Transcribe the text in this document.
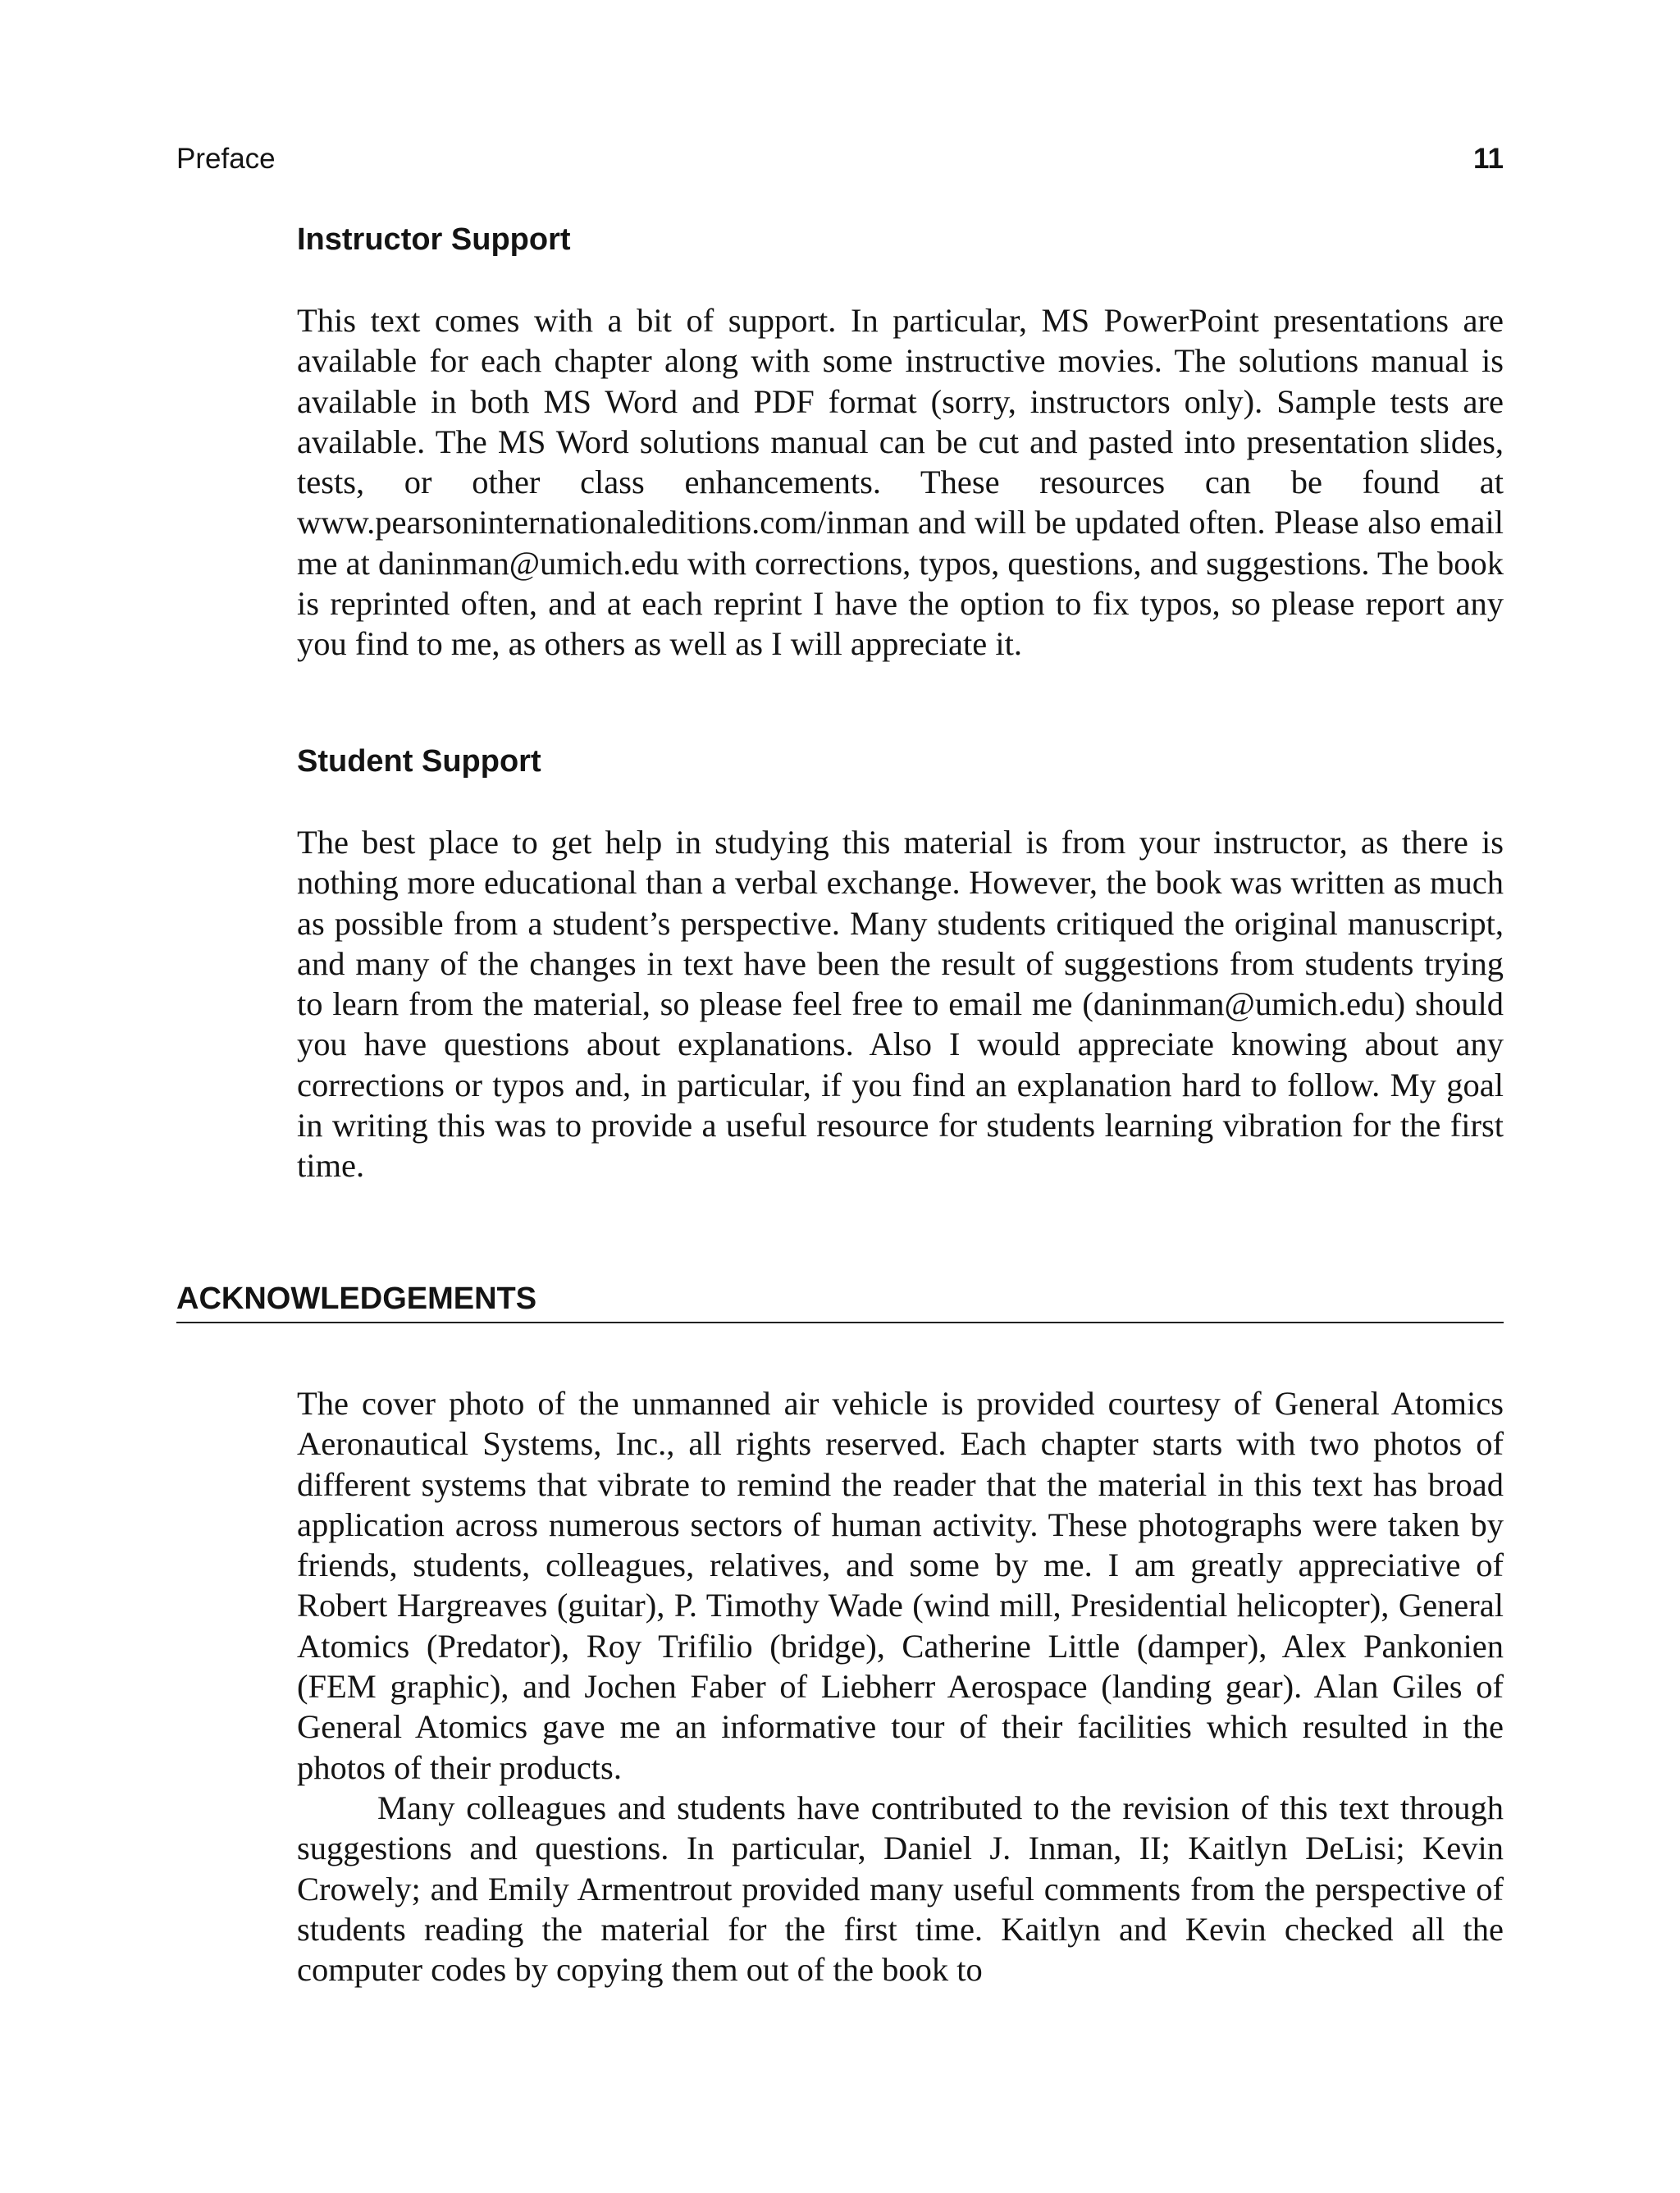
Preface	11
Instructor Support

This text comes with a bit of support. In particular, MS PowerPoint presentations are available for each chapter along with some instructive movies. The solutions manual is available in both MS Word and PDF format (sorry, instructors only). Sample tests are available. The MS Word solutions manual can be cut and pasted into presentation slides, tests, or other class enhancements. These resources can be found at www.pearsoninternationaleditions.com/inman and will be updated often. Please also email me at daninman@umich.edu with corrections, typos, questions, and suggestions. The book is reprinted often, and at each reprint I have the option to fix typos, so please report any you find to me, as others as well as I will appreciate it.

Student Support

The best place to get help in studying this material is from your instructor, as there is nothing more educational than a verbal exchange. However, the book was written as much as possible from a student’s perspective. Many students critiqued the original manuscript, and many of the changes in text have been the result of suggestions from students trying to learn from the material, so please feel free to email me (daninman@umich.edu) should you have questions about explanations. Also I would appreciate knowing about any corrections or typos and, in particular, if you find an explanation hard to follow. My goal in writing this was to provide a useful resource for students learning vibration for the first time.

ACKNOWLEDGEMENTS

The cover photo of the unmanned air vehicle is provided courtesy of General Atomics Aeronautical Systems, Inc., all rights reserved. Each chapter starts with two photos of different systems that vibrate to remind the reader that the material in this text has broad application across numerous sectors of human activity. These photographs were taken by friends, students, colleagues, relatives, and some by me. I am greatly appreciative of Robert Hargreaves (guitar), P. Timothy Wade (wind mill, Presidential helicopter), General Atomics (Predator), Roy Trifilio (bridge), Catherine Little (damper), Alex Pankonien (FEM graphic), and Jochen Faber of Liebherr Aerospace (landing gear). Alan Giles of General Atomics gave me an informative tour of their facilities which resulted in the photos of their products.

Many colleagues and students have contributed to the revision of this text through suggestions and questions. In particular, Daniel J. Inman, II; Kaitlyn DeLisi; Kevin Crowely; and Emily Armentrout provided many useful comments from the perspective of students reading the material for the first time. Kaitlyn and Kevin checked all the computer codes by copying them out of the book to
